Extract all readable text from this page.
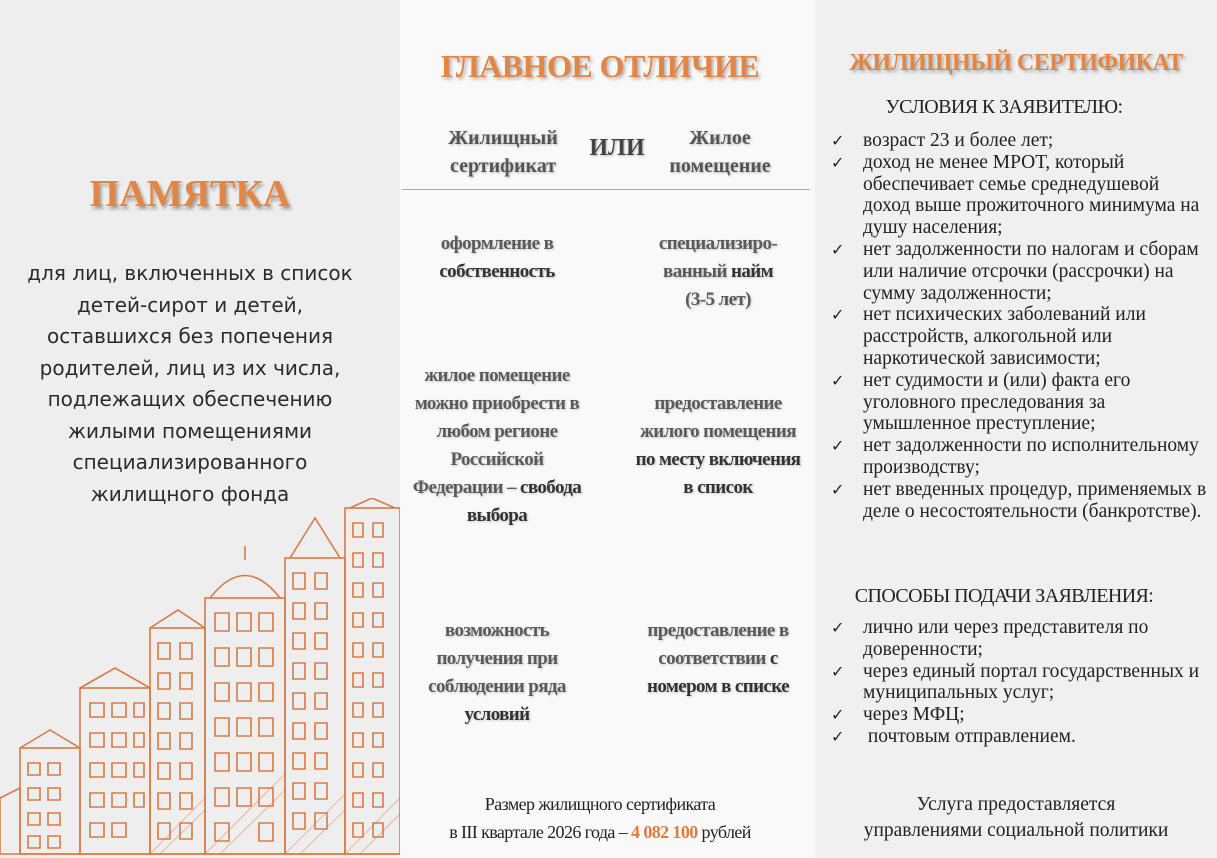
ПАМЯТКА
для лиц, включенных в список детей-сирот и детей, оставшихся без попечения родителей, лиц из их числа, подлежащих обеспечению жилыми помещениями специализированного жилищного фонда
ГЛАВНОЕ ОТЛИЧИЕ
Жилищный сертификат
ИЛИ	Жилое помещение
оформление в
собственность
специализиро-ванный найм
(3-5 лет)
жилое помещение можно приобрести в любом регионе Российской Федерации – свобода выбора
предоставление жилого помещения по месту включения в список
возможность получения при соблюдении ряда условий
предоставление в соответствии с номером в списке
Размер жилищного сертификата
в III квартале 2026 года – 4 082 100 рублей
ЖИЛИЩНЫЙ СЕРТИФИКАТ
УСЛОВИЯ К ЗАЯВИТЕЛЮ:
✓ возраст 23 и более лет;
✓ доход не менее МРОТ, который обеспечивает семье среднедушевой доход выше прожиточного минимума на душу населения;
✓ нет задолженности по налогам и сборам или наличие отсрочки (рассрочки) на сумму задолженности;
✓ нет психических заболеваний или расстройств, алкогольной или наркотической зависимости;
✓ нет судимости и (или) факта его уголовного преследования за умышленное преступление;
✓ нет задолженности по исполнительному производству;
✓ нет введенных процедур, применяемых в деле о несостоятельности (банкротстве).
СПОСОБЫ ПОДАЧИ ЗАЯВЛЕНИЯ:
✓ лично или через представителя по доверенности;
✓ через единый портал государственных и муниципальных услуг;
✓ через МФЦ;
✓ почтовым отправлением.
Услуга предоставляется
управлениями социальной политики
